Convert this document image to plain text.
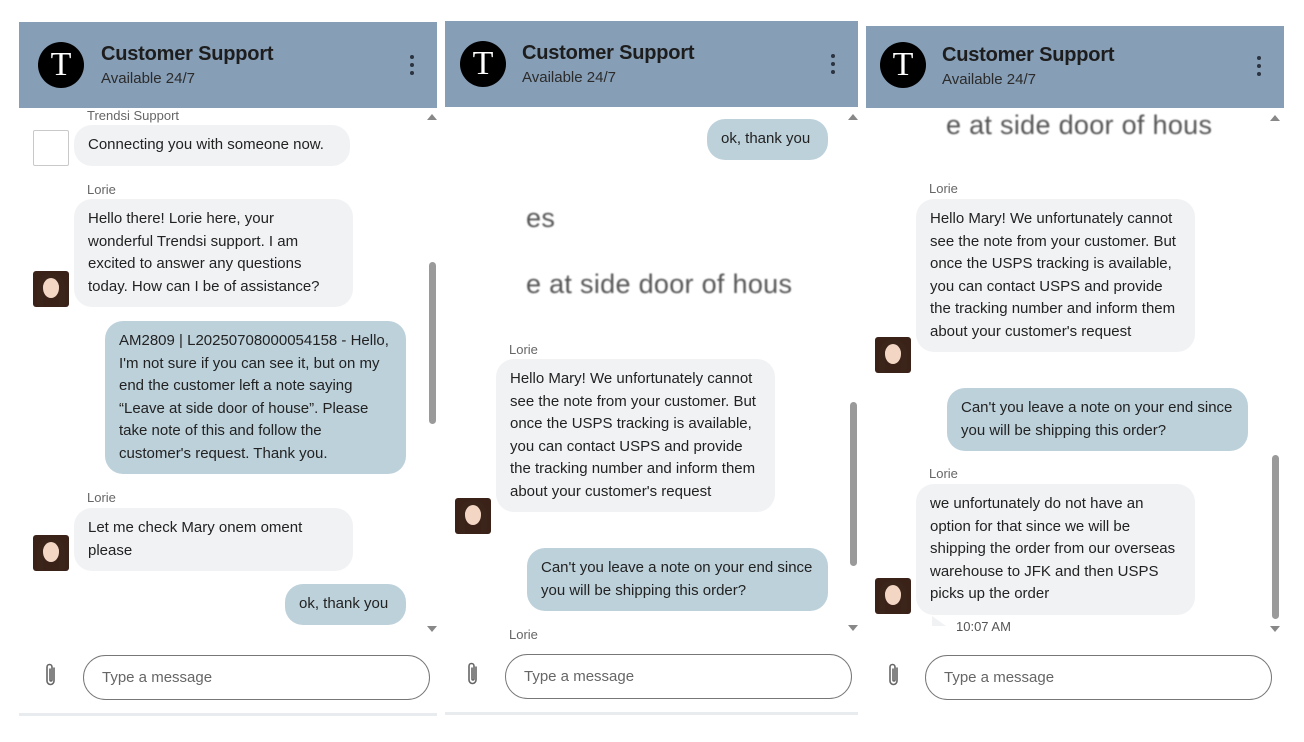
T	Customer Support
Available 24/7
Trendsi Support
Connecting you with someone now.
Lorie
Hello there! Lorie here, your wonderful Trendsi support. I am excited to answer any questions today. How can I be of assistance?
AM2809 | L20250708000054158 - Hello, I'm not sure if you can see it, but on my end the customer left a note saying “Leave at side door of house”. Please take note of this and follow the customer's request. Thank you.
Lorie
Let me check Mary onem oment please
ok, thank you
Type a message
T	Customer Support
Available 24/7
ok, thank you
es
e at side door of hous
Lorie
Hello Mary! We unfortunately cannot see the note from your customer. But once the USPS tracking is available, you can contact USPS and provide the tracking number and inform them about your customer's request
Can't you leave a note on your end since you will be shipping this order?
Lorie
Type a message
T	Customer Support
Available 24/7
e at side door of hous
Lorie
Hello Mary! We unfortunately cannot see the note from your customer. But once the USPS tracking is available, you can contact USPS and provide the tracking number and inform them about your customer's request
Can't you leave a note on your end since you will be shipping this order?
Lorie
we unfortunately do not have an option for that since we will be shipping the order from our overseas warehouse to JFK and then USPS picks up the order
10:07 AM
Type a message
